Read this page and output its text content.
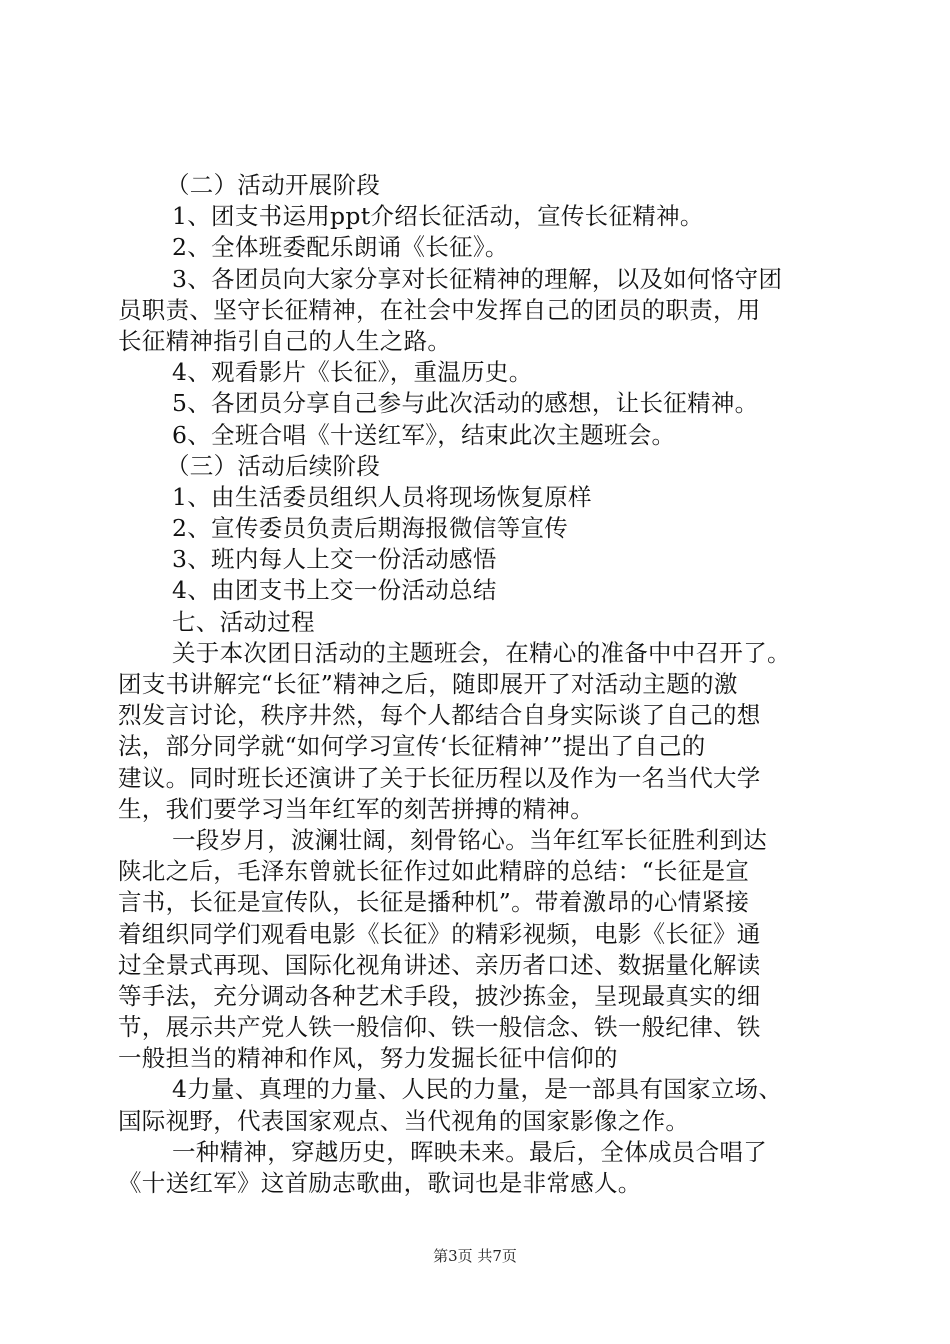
（二）活动开展阶段
1、团支书运用ppt介绍长征活动，宣传长征精神。
2、全体班委配乐朗诵《长征》。
3、各团员向大家分享对长征精神的理解，以及如何恪守团
员职责、坚守长征精神，在社会中发挥自己的团员的职责，用
长征精神指引自己的人生之路。
4、观看影片《长征》，重温历史。
5、各团员分享自己参与此次活动的感想，让长征精神。
6、全班合唱《十送红军》，结束此次主题班会。
（三）活动后续阶段
1、由生活委员组织人员将现场恢复原样
2、宣传委员负责后期海报微信等宣传
3、班内每人上交一份活动感悟
4、由团支书上交一份活动总结
七、活动过程
关于本次团日活动的主题班会，在精心的准备中中召开了。
团支书讲解完“长征”精神之后，随即展开了对活动主题的激
烈发言讨论，秩序井然，每个人都结合自身实际谈了自己的想
法，部分同学就“如何学习宣传‘长征精神’”提出了自己的
建议。同时班长还演讲了关于长征历程以及作为一名当代大学
生，我们要学习当年红军的刻苦拼搏的精神。
一段岁月，波澜壮阔，刻骨铭心。当年红军长征胜利到达
陕北之后，毛泽东曾就长征作过如此精辟的总结：“长征是宣
言书，长征是宣传队，长征是播种机”。带着激昂的心情紧接
着组织同学们观看电影《长征》的精彩视频，电影《长征》通
过全景式再现、国际化视角讲述、亲历者口述、数据量化解读
等手法，充分调动各种艺术手段，披沙拣金，呈现最真实的细
节，展示共产党人铁一般信仰、铁一般信念、铁一般纪律、铁
一般担当的精神和作风，努力发掘长征中信仰的
4力量、真理的力量、人民的力量，是一部具有国家立场、
国际视野，代表国家观点、当代视角的国家影像之作。
一种精神，穿越历史，晖映未来。最后，全体成员合唱了
《十送红军》这首励志歌曲，歌词也是非常感人。
第3页 共7页
